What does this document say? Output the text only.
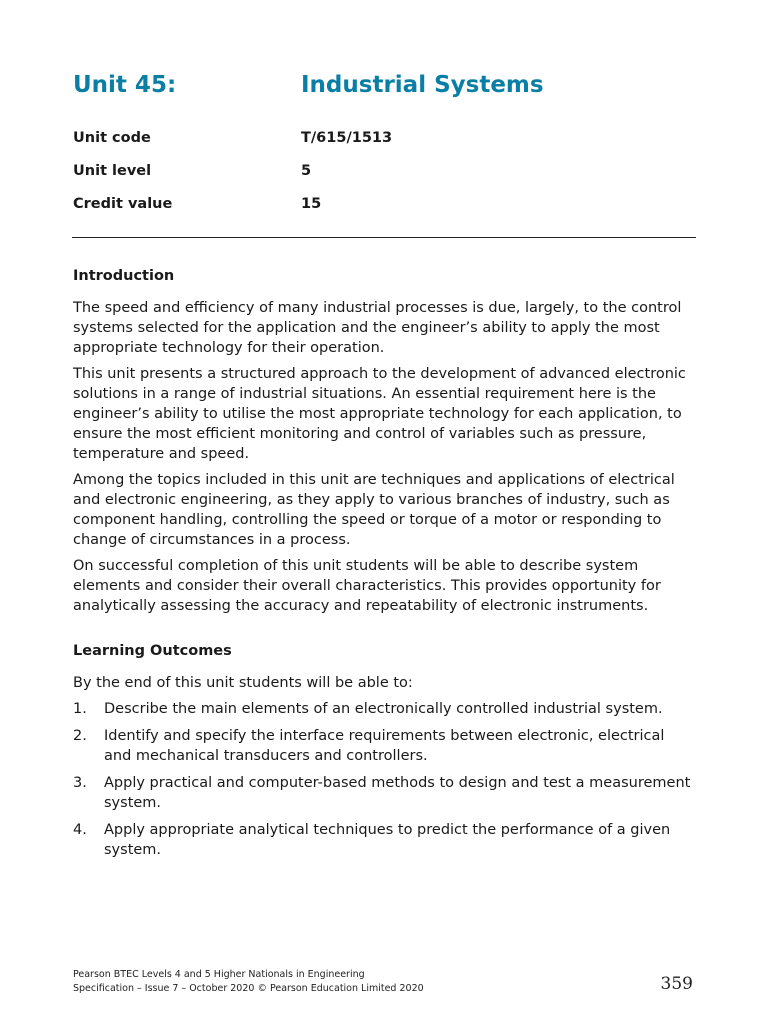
Unit 45:	Industrial Systems
Unit code	T/615/1513
Unit level	5
Credit value	15
Introduction

The speed and efficiency of many industrial processes is due, largely, to the control systems selected for the application and the engineer’s ability to apply the most appropriate technology for their operation.

This unit presents a structured approach to the development of advanced electronic solutions in a range of industrial situations. An essential requirement here is the engineer’s ability to utilise the most appropriate technology for each application, to ensure the most efficient monitoring and control of variables such as pressure, temperature and speed.

Among the topics included in this unit are techniques and applications of electrical and electronic engineering, as they apply to various branches of industry, such as component handling, controlling the speed or torque of a motor or responding to change of circumstances in a process.

On successful completion of this unit students will be able to describe system elements and consider their overall characteristics. This provides opportunity for analytically assessing the accuracy and repeatability of electronic instruments.

Learning Outcomes

By the end of this unit students will be able to:

1. Describe the main elements of an electronically controlled industrial system.
2. Identify and specify the interface requirements between electronic, electrical and mechanical transducers and controllers.
3. Apply practical and computer-based methods to design and test a measurement system.
4. Apply appropriate analytical techniques to predict the performance of a given system.
Pearson BTEC Levels 4 and 5 Higher Nationals in Engineering
Specification – Issue 7 – October 2020 © Pearson Education Limited 2020	359
